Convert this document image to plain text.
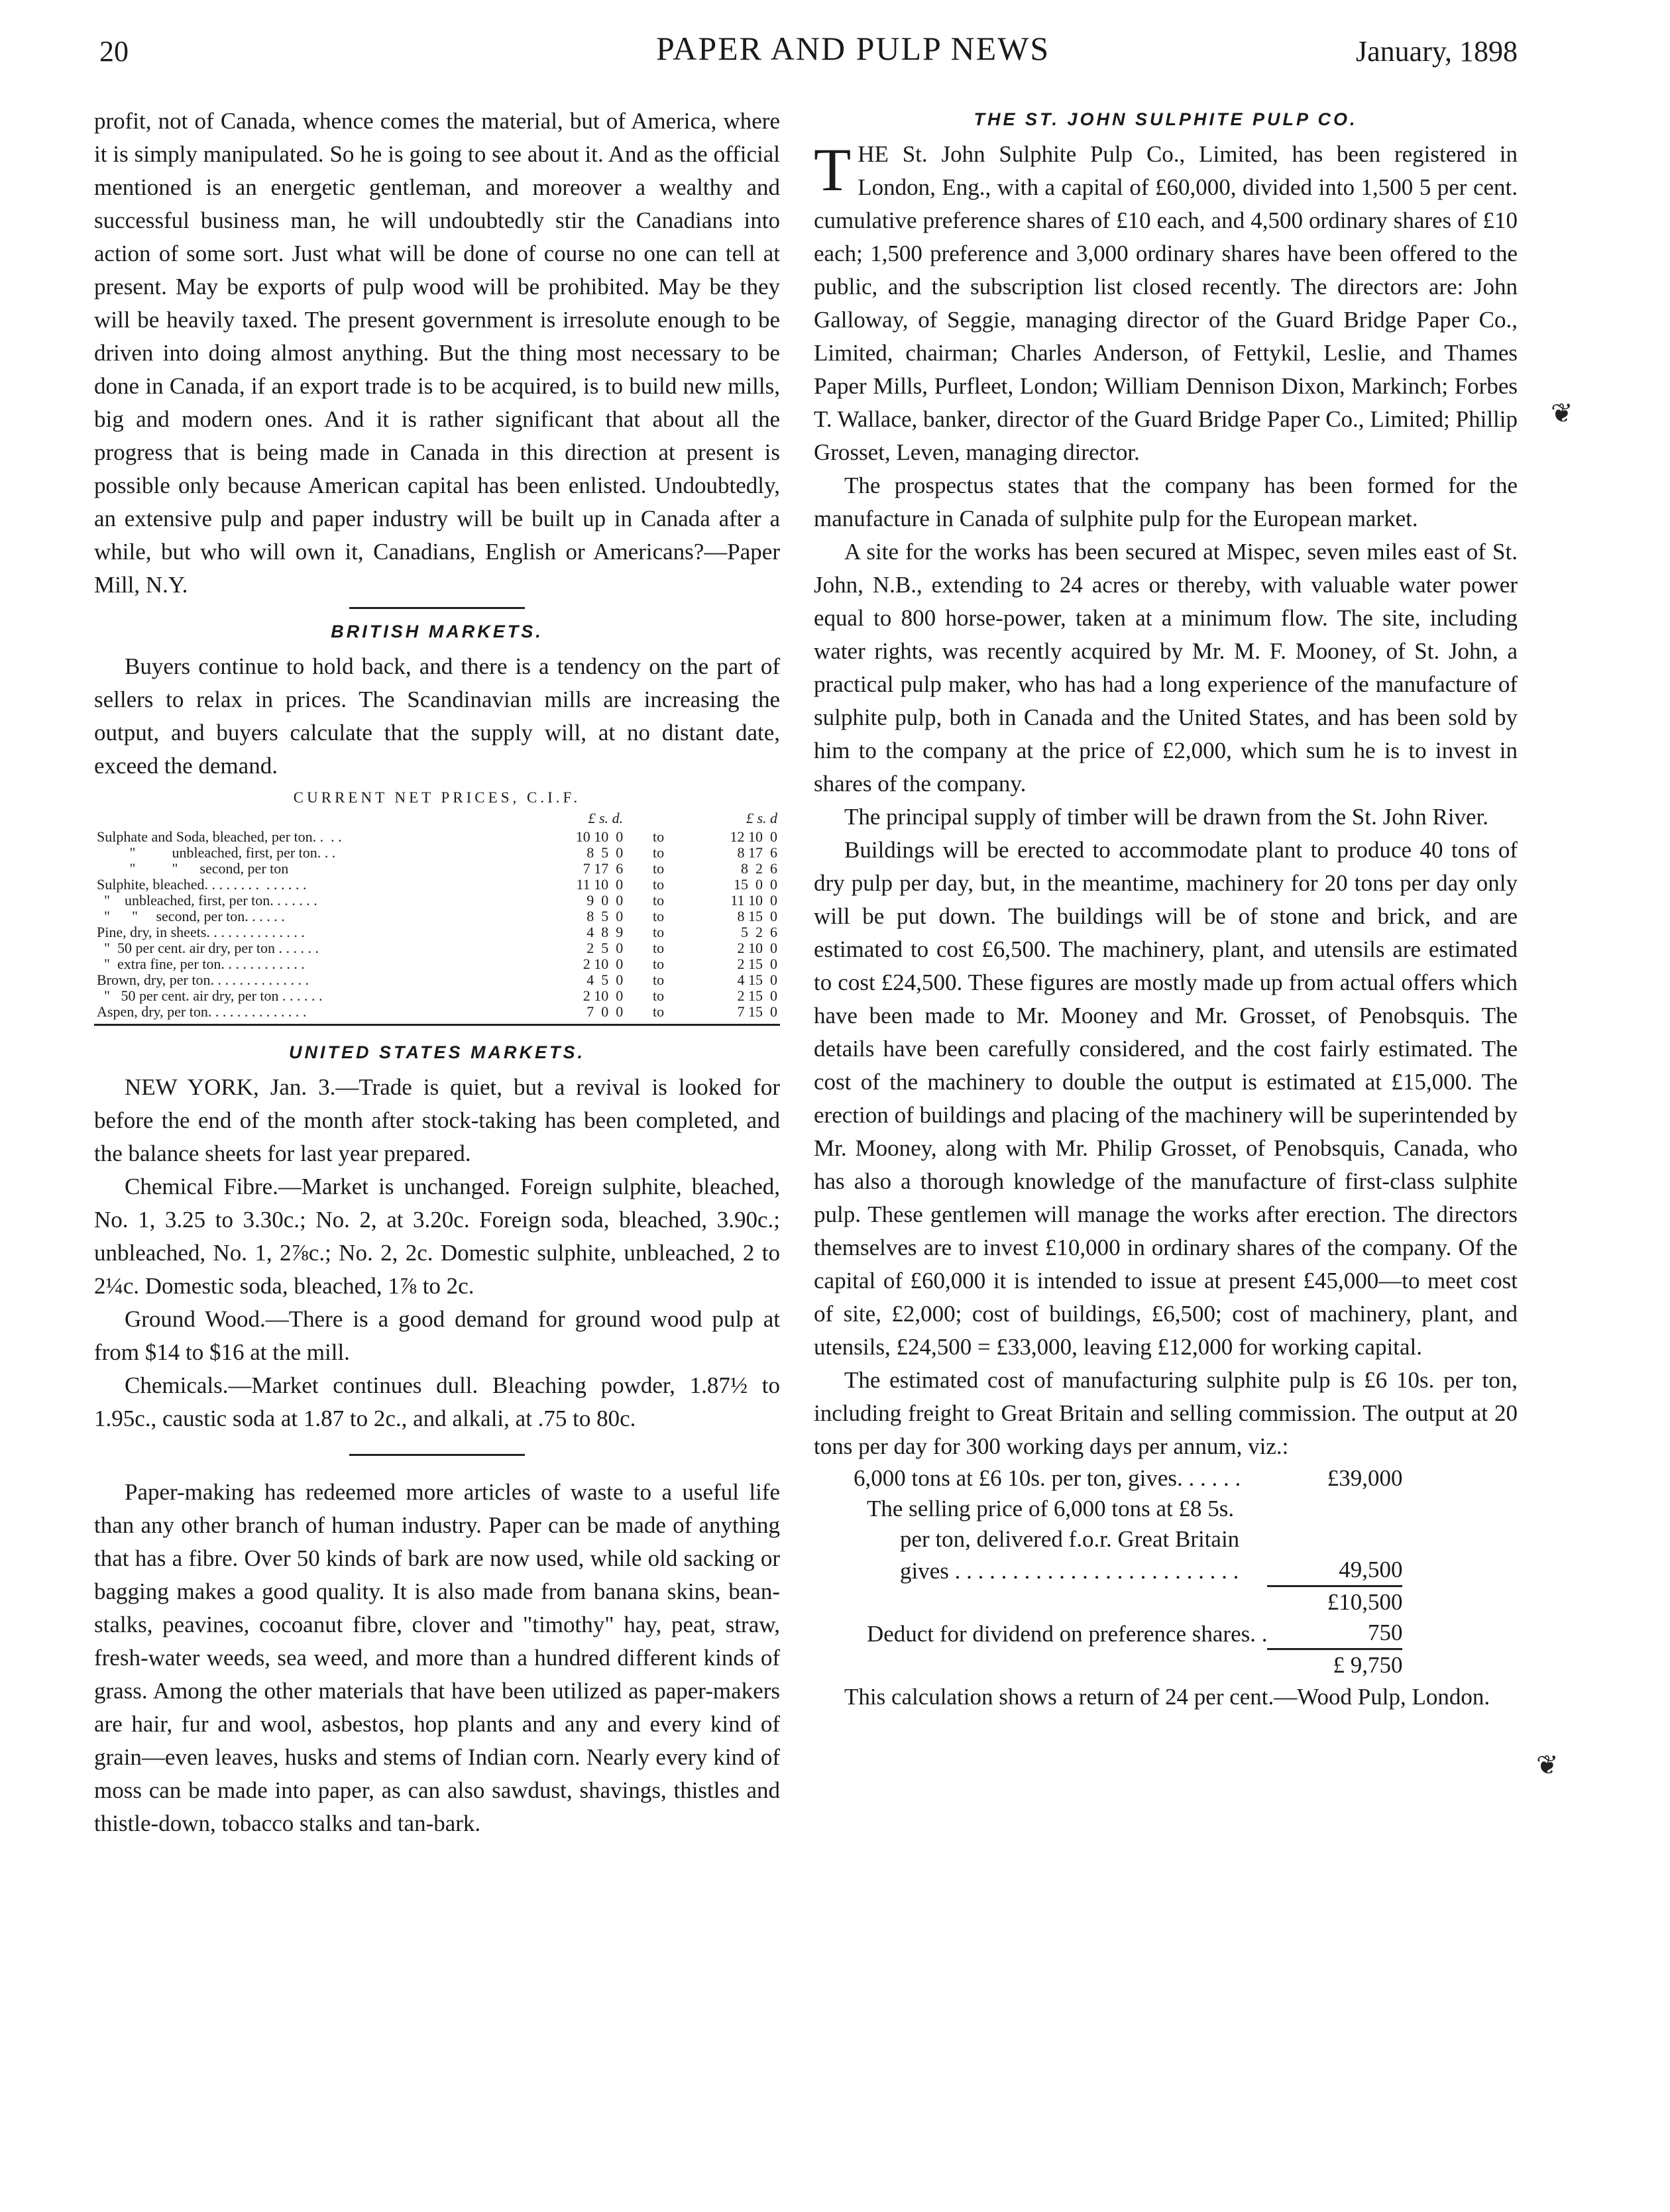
20	PAPER AND PULP NEWS	January, 1898

profit, not of Canada, whence comes the material, but of America, where it is simply manipulated. So he is going to see about it. And as the official mentioned is an energetic gentleman, and moreover a wealthy and successful business man, he will undoubtedly stir the Canadians into action of some sort. Just what will be done of course no one can tell at present. May be exports of pulp wood will be prohibited. May be they will be heavily taxed. The present government is irresolute enough to be driven into doing almost anything. But the thing most necessary to be done in Canada, if an export trade is to be acquired, is to build new mills, big and modern ones. And it is rather significant that about all the progress that is being made in Canada in this direction at present is possible only because American capital has been enlisted. Undoubtedly, an extensive pulp and paper industry will be built up in Canada after a while, but who will own it, Canadians, English or Americans?—Paper Mill, N.Y.

BRITISH MARKETS.

Buyers continue to hold back, and there is a tendency on the part of sellers to relax in prices. The Scandinavian mills are increasing the output, and buyers calculate that the supply will, at no distant date, exceed the demand.

CURRENT NET PRICES, C.I.F.
	£ s. d.		£ s. d
Sulphate and Soda, bleached, per ton. .  . .	10 10  0	to	12 10  0
"          unbleached, first, per ton. . .	8  5  0	to	8 17  6
"          "      second, per ton	7 17  6	to	8  2  6
Sulphite, bleached. . . . . . . .  . . . . . .	11 10  0	to	15  0  0
"    unbleached, first, per ton. . . . . . .	9  0  0	to	11 10  0
"      "     second, per ton. . . . . .	8  5  0	to	8 15  0
Pine, dry, in sheets. . . . . . . . . . . . . .	4  8  9	to	5  2  6
"  50 per cent. air dry, per ton . . . . . .	2  5  0	to	2 10  0
"  extra fine, per ton. . . . . . . . . . . .	2 10  0	to	2 15  0
Brown, dry, per ton. . . . . . . . . . . . . .	4  5  0	to	4 15  0
"   50 per cent. air dry, per ton . . . . . .	2 10  0	to	2 15  0
Aspen, dry, per ton. . . . . . . . . . . . . .	7  0  0	to	7 15  0
UNITED STATES MARKETS.

NEW YORK, Jan. 3.—Trade is quiet, but a revival is looked for before the end of the month after stock-taking has been completed, and the balance sheets for last year prepared.

Chemical Fibre.—Market is unchanged. Foreign sulphite, bleached, No. 1, 3.25 to 3.30c.; No. 2, at 3.20c. Foreign soda, bleached, 3.90c.; unbleached, No. 1, 2⅞c.; No. 2, 2c. Domestic sulphite, unbleached, 2 to 2¼c. Domestic soda, bleached, 1⅞ to 2c.

Ground Wood.—There is a good demand for ground wood pulp at from $14 to $16 at the mill.

Chemicals.—Market continues dull. Bleaching powder, 1.87½ to 1.95c., caustic soda at 1.87 to 2c., and alkali, at .75 to 80c.

Paper-making has redeemed more articles of waste to a useful life than any other branch of human industry. Paper can be made of anything that has a fibre. Over 50 kinds of bark are now used, while old sacking or bagging makes a good quality. It is also made from banana skins, bean-stalks, peavines, cocoanut fibre, clover and "timothy" hay, peat, straw, fresh-water weeds, sea weed, and more than a hundred different kinds of grass. Among the other materials that have been utilized as paper-makers are hair, fur and wool, asbestos, hop plants and any and every kind of grain—even leaves, husks and stems of Indian corn. Nearly every kind of moss can be made into paper, as can also sawdust, shavings, thistles and thistle-down, tobacco stalks and tan-bark.

THE ST. JOHN SULPHITE PULP CO.

THE St. John Sulphite Pulp Co., Limited, has been registered in London, Eng., with a capital of £60,000, divided into 1,500 5 per cent. cumulative preference shares of £10 each, and 4,500 ordinary shares of £10 each; 1,500 preference and 3,000 ordinary shares have been offered to the public, and the subscription list closed recently. The directors are: John Galloway, of Seggie, managing director of the Guard Bridge Paper Co., Limited, chairman; Charles Anderson, of Fettykil, Leslie, and Thames Paper Mills, Purfleet, London; William Dennison Dixon, Markinch; Forbes T. Wallace, banker, director of the Guard Bridge Paper Co., Limited; Phillip Grosset, Leven, managing director.

The prospectus states that the company has been formed for the manufacture in Canada of sulphite pulp for the European market.

A site for the works has been secured at Mispec, seven miles east of St. John, N.B., extending to 24 acres or thereby, with valuable water power equal to 800 horse-power, taken at a minimum flow. The site, including water rights, was recently acquired by Mr. M. F. Mooney, of St. John, a practical pulp maker, who has had a long experience of the manufacture of sulphite pulp, both in Canada and the United States, and has been sold by him to the company at the price of £2,000, which sum he is to invest in shares of the company.

The principal supply of timber will be drawn from the St. John River.

Buildings will be erected to accommodate plant to produce 40 tons of dry pulp per day, but, in the meantime, machinery for 20 tons per day only will be put down. The buildings will be of stone and brick, and are estimated to cost £6,500. The machinery, plant, and utensils are estimated to cost £24,500. These figures are mostly made up from actual offers which have been made to Mr. Mooney and Mr. Grosset, of Penobsquis. The details have been carefully considered, and the cost fairly estimated. The cost of the machinery to double the output is estimated at £15,000. The erection of buildings and placing of the machinery will be superintended by Mr. Mooney, along with Mr. Philip Grosset, of Penobsquis, Canada, who has also a thorough knowledge of the manufacture of first-class sulphite pulp. These gentlemen will manage the works after erection. The directors themselves are to invest £10,000 in ordinary shares of the company. Of the capital of £60,000 it is intended to issue at present £45,000—to meet cost of site, £2,000; cost of buildings, £6,500; cost of machinery, plant, and utensils, £24,500 = £33,000, leaving £12,000 for working capital.

The estimated cost of manufacturing sulphite pulp is £6 10s. per ton, including freight to Great Britain and selling commission. The output at 20 tons per day for 300 working days per annum, viz.:

6,000 tons at £6 10s. per ton, gives. . . . . .	£39,000
The selling price of 6,000 tons at £8 5s.	
per ton, delivered f.o.r. Great Britain	
gives . . . . . . . . . . . . . . . . . . . . . . . . .	49,500
	£10,500
Deduct for dividend on preference shares. .	750
	£ 9,750

This calculation shows a return of 24 per cent.—Wood Pulp, London.

❦
❦
